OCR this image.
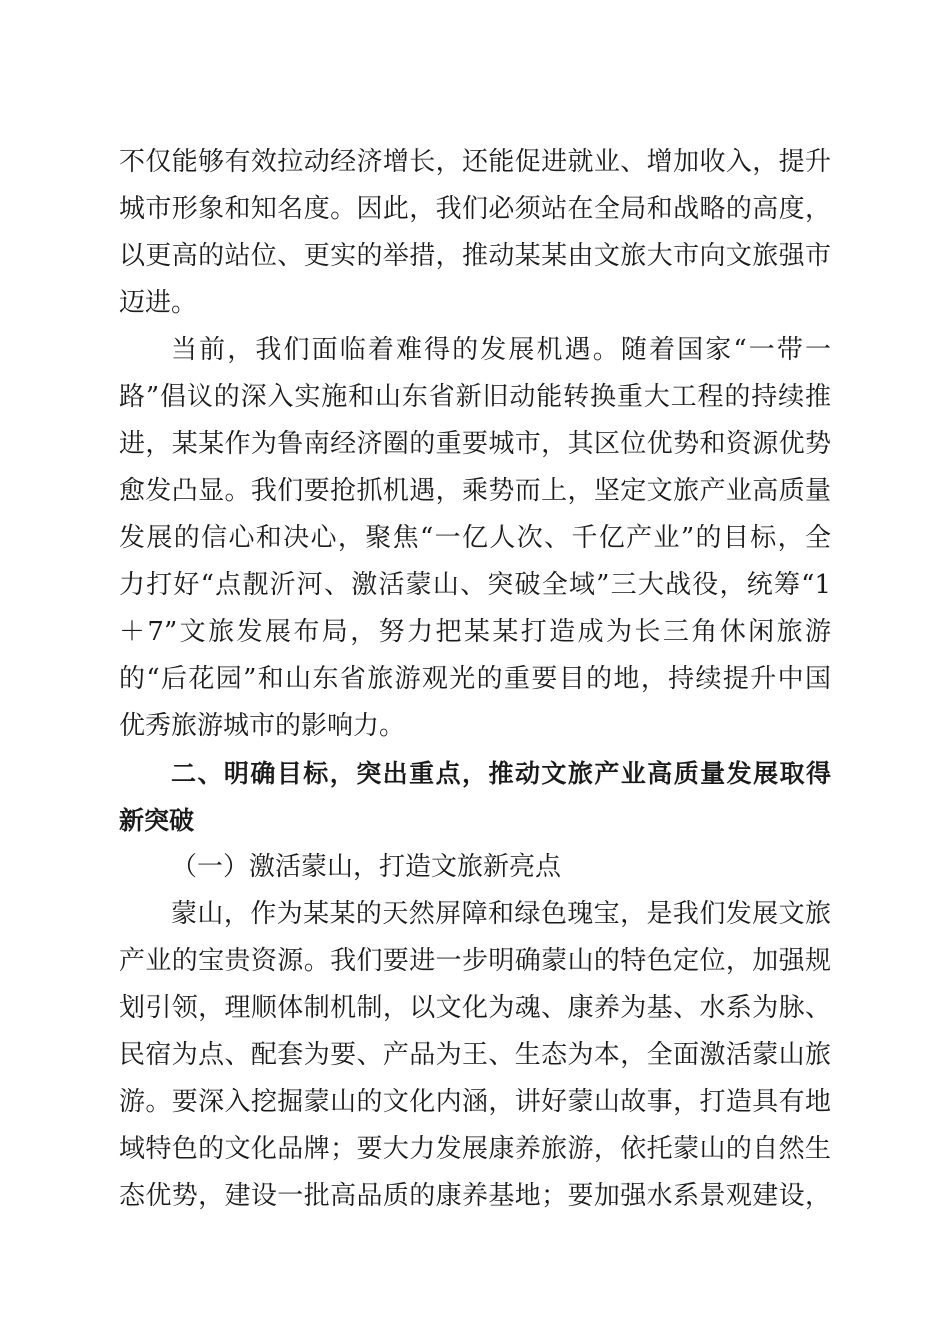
不仅能够有效拉动经济增长，还能促进就业、增加收入，提升
城市形象和知名度。因此，我们必须站在全局和战略的高度，
以更高的站位、更实的举措，推动某某由文旅大市向文旅强市
迈进。
当前，我们面临着难得的发展机遇。随着国家“一带一
路”倡议的深入实施和山东省新旧动能转换重大工程的持续推
进，某某作为鲁南经济圈的重要城市，其区位优势和资源优势
愈发凸显。我们要抢抓机遇，乘势而上，坚定文旅产业高质量
发展的信心和决心，聚焦“一亿人次、千亿产业”的目标，全
力打好“点靓沂河、激活蒙山、突破全域”三大战役，统筹“1
＋7”文旅发展布局，努力把某某打造成为长三角休闲旅游
的“后花园”和山东省旅游观光的重要目的地，持续提升中国
优秀旅游城市的影响力。
二、明确目标，突出重点，推动文旅产业高质量发展取得
新突破
（一）激活蒙山，打造文旅新亮点
蒙山，作为某某的天然屏障和绿色瑰宝，是我们发展文旅
产业的宝贵资源。我们要进一步明确蒙山的特色定位，加强规
划引领，理顺体制机制，以文化为魂、康养为基、水系为脉、
民宿为点、配套为要、产品为王、生态为本，全面激活蒙山旅
游。要深入挖掘蒙山的文化内涵，讲好蒙山故事，打造具有地
域特色的文化品牌；要大力发展康养旅游，依托蒙山的自然生
态优势，建设一批高品质的康养基地；要加强水系景观建设，
